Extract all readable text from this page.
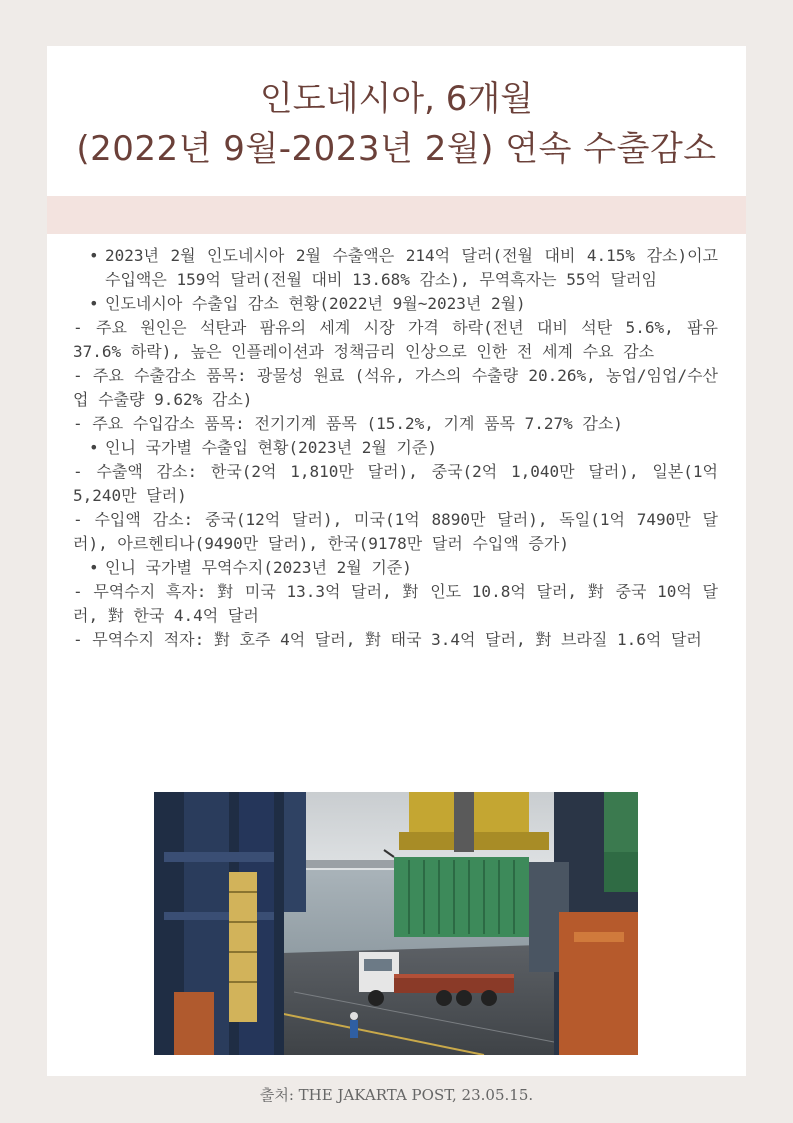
인도네시아, 6개월
(2022년 9월-2023년 2월) 연속 수출감소
• 2023년 2월 인도네시아 2월 수출액은 214억 달러(전월 대비 4.15% 감소)이고 수입액은 159억 달러(전월 대비 13.68% 감소), 무역흑자는 55억 달러임
• 인도네시아 수출입 감소 현황(2022년 9월~2023년 2월)

- 주요 원인은 석탄과 팜유의 세계 시장 가격 하락(전년 대비 석탄 5.6%, 팜유 37.6% 하락), 높은 인플레이션과 정책금리 인상으로 인한 전 세계 수요 감소

- 주요 수출감소 품목: 광물성 원료 (석유, 가스의 수출량 20.26%, 농업/임업/수산업 수출량 9.62% 감소)

- 주요 수입감소 품목: 전기기계 품목 (15.2%, 기계 품목 7.27% 감소)

• 인니 국가별 수출입 현황(2023년 2월 기준)

- 수출액 감소: 한국(2억 1,810만 달러), 중국(2억 1,040만 달러), 일본(1억 5,240만 달러)

- 수입액 감소: 중국(12억 달러), 미국(1억 8890만 달러), 독일(1억 7490만 달러), 아르헨티나(9490만 달러), 한국(9178만 달러 수입액 증가)

• 인니 국가별 무역수지(2023년 2월 기준)

- 무역수지 흑자: 對 미국 13.3억 달러, 對 인도 10.8억 달러, 對 중국 10억 달러, 對 한국 4.4억 달러

- 무역수지 적자: 對 호주 4억 달러, 對 태국 3.4억 달러, 對 브라질 1.6억 달러

출처: THE JAKARTA POST, 23.05.15.
